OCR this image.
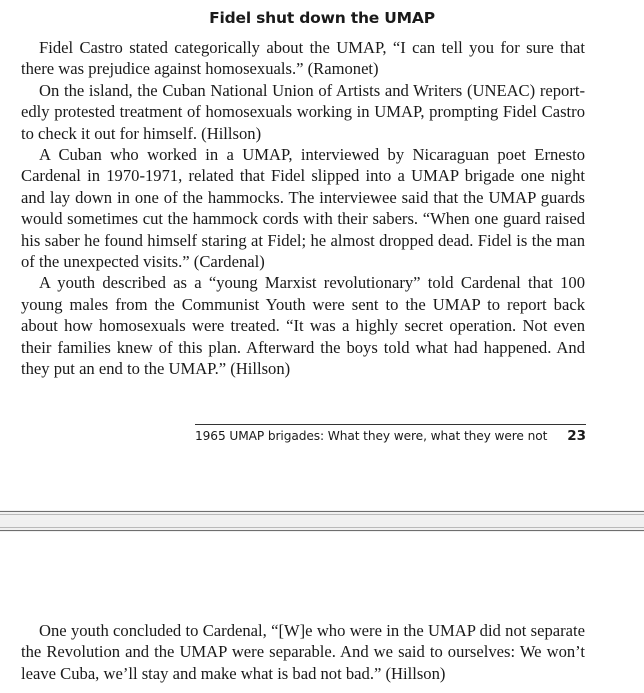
Fidel shut down the UMAP
1965 UMAP brigades: What they were, what they were not 23

Fidel Castro stated categorically about the UMAP, “I can tell you for sure that there was prejudice against homosexuals.” (Ramonet)

On the island, the Cuban National Union of Artists and Writers (UNEAC) reportedly protested treatment of homosexuals working in UMAP, prompting Fidel Castro to check it out for himself. (Hillson)

A Cuban who worked in a UMAP, interviewed by Nicaraguan poet Ernesto Cardenal in 1970-1971, related that Fidel slipped into a UMAP brigade one night and lay down in one of the hammocks. The interviewee said that the UMAP guards would sometimes cut the hammock cords with their sabers. “When one guard raised his saber he found himself staring at Fidel; he almost dropped dead. Fidel is the man of the unexpected visits.” (Cardenal)

A youth described as a “young Marxist revolutionary” told Cardenal that 100 young males from the Communist Youth were sent to the UMAP to report back about how homosexuals were treated. “It was a highly secret operation. Not even their families knew of this plan. Afterward the boys told what had happened. And they put an end to the UMAP.” (Hillson)

One youth concluded to Cardenal, “[W]e who were in the UMAP did not separate the Revolution and the UMAP were separable. And we said to ourselves: We won’t leave Cuba, we’ll stay and make what is bad not bad.” (Hillson)
